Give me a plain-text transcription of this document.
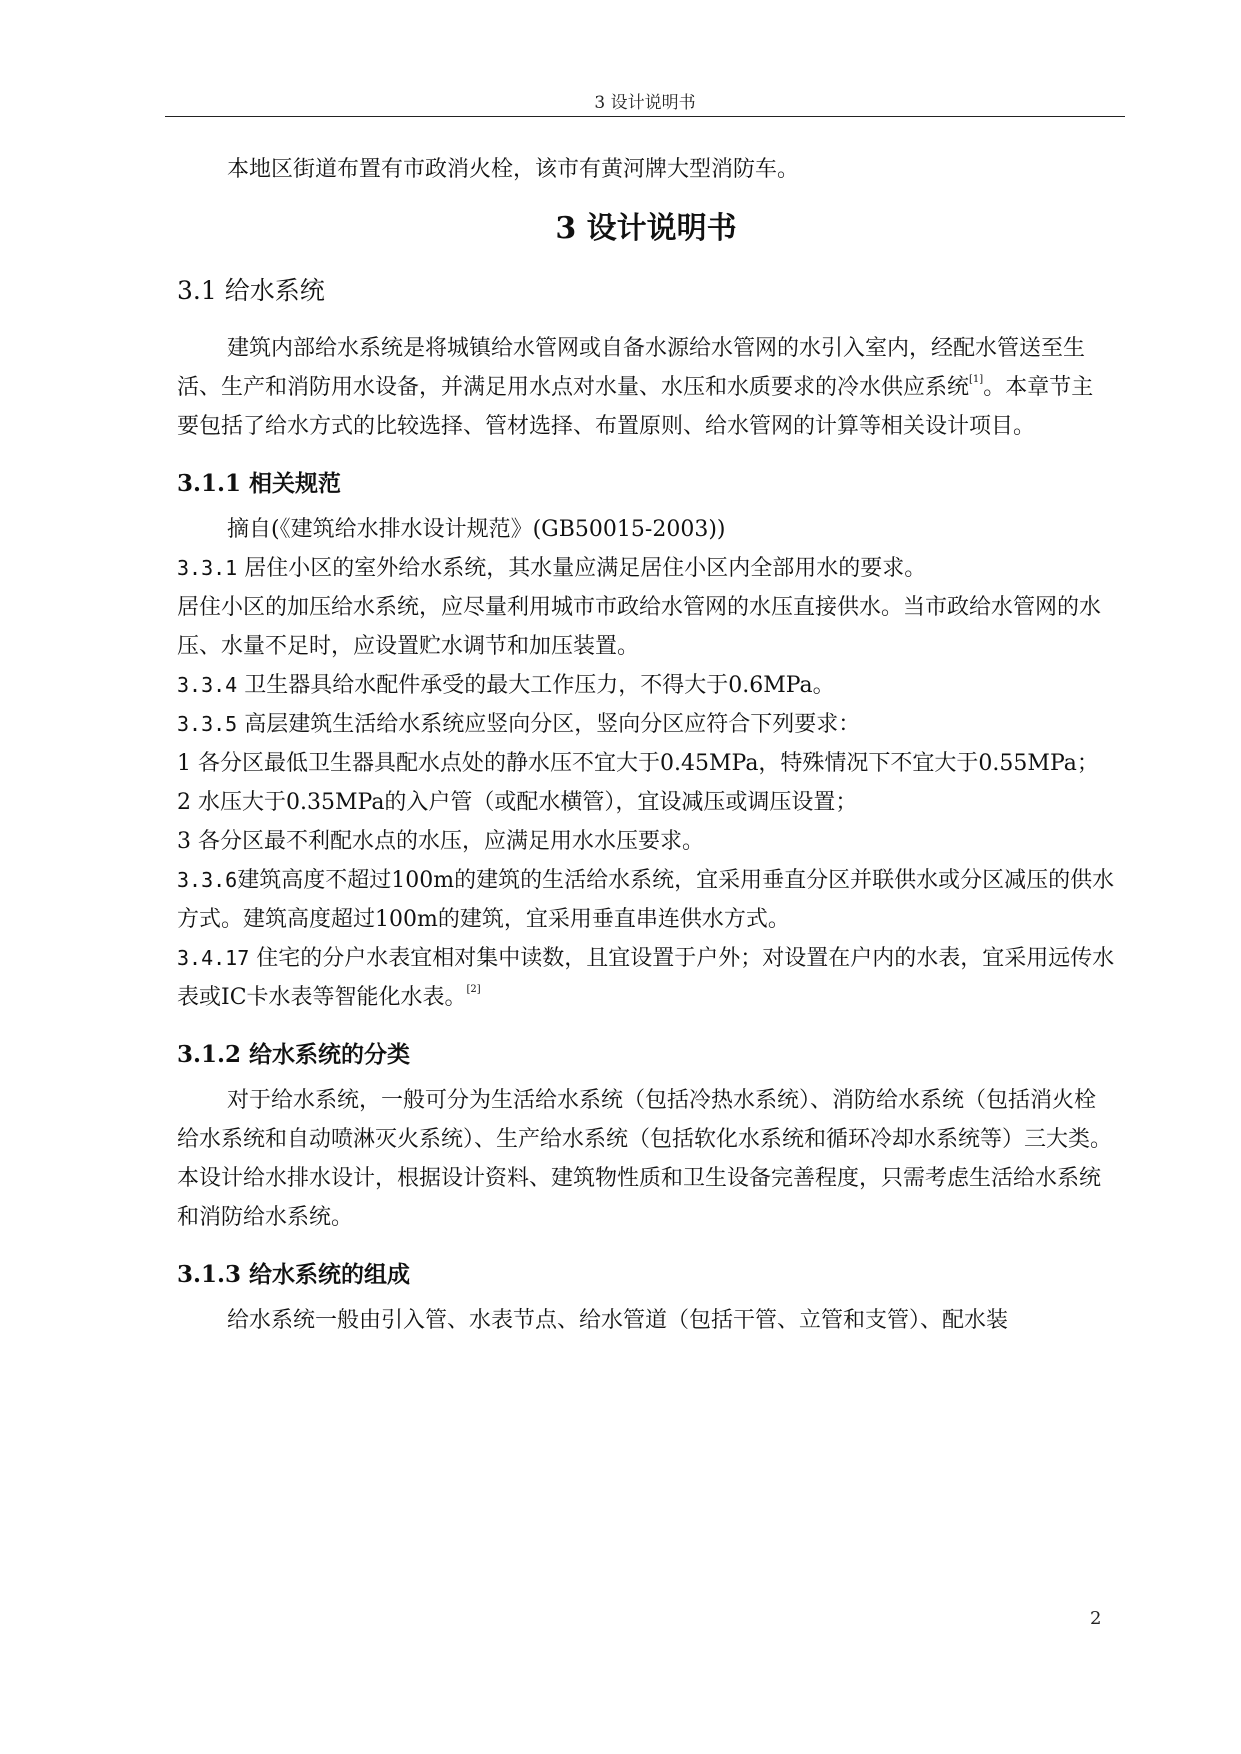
3 设计说明书

本地区街道布置有市政消火栓，该市有黄河牌大型消防车。

3 设计说明书
3.1 给水系统

建筑内部给水系统是将城镇给水管网或自备水源给水管网的水引入室内，经配水管送至生活、生产和消防用水设备，并满足用水点对水量、水压和水质要求的冷水供应系统[1]。本章节主要包括了给水方式的比较选择、管材选择、布置原则、给水管网的计算等相关设计项目。

3.1.1 相关规范

摘自(《建筑给水排水设计规范》(GB50015-2003))

3.3.1 居住小区的室外给水系统，其水量应满足居住小区内全部用水的要求。

居住小区的加压给水系统，应尽量利用城市市政给水管网的水压直接供水。当市政给水管网的水压、水量不足时，应设置贮水调节和加压装置。

3.3.4 卫生器具给水配件承受的最大工作压力，不得大于0.6MPa。

3.3.5 高层建筑生活给水系统应竖向分区，竖向分区应符合下列要求：

1 各分区最低卫生器具配水点处的静水压不宜大于0.45MPa，特殊情况下不宜大于0.55MPa；

2 水压大于0.35MPa的入户管（或配水横管），宜设减压或调压设置；

3 各分区最不利配水点的水压，应满足用水水压要求。

3.3.6建筑高度不超过100m的建筑的生活给水系统，宜采用垂直分区并联供水或分区减压的供水方式。建筑高度超过100m的建筑，宜采用垂直串连供水方式。

3.4.17 住宅的分户水表宜相对集中读数，且宜设置于户外；对设置在户内的水表，宜采用远传水表或IC卡水表等智能化水表。[2]

3.1.2 给水系统的分类

对于给水系统，一般可分为生活给水系统（包括冷热水系统）、消防给水系统（包括消火栓给水系统和自动喷淋灭火系统）、生产给水系统（包括软化水系统和循环冷却水系统等）三大类。本设计给水排水设计，根据设计资料、建筑物性质和卫生设备完善程度，只需考虑生活给水系统和消防给水系统。

3.1.3 给水系统的组成

给水系统一般由引入管、水表节点、给水管道（包括干管、立管和支管）、配水装

2
